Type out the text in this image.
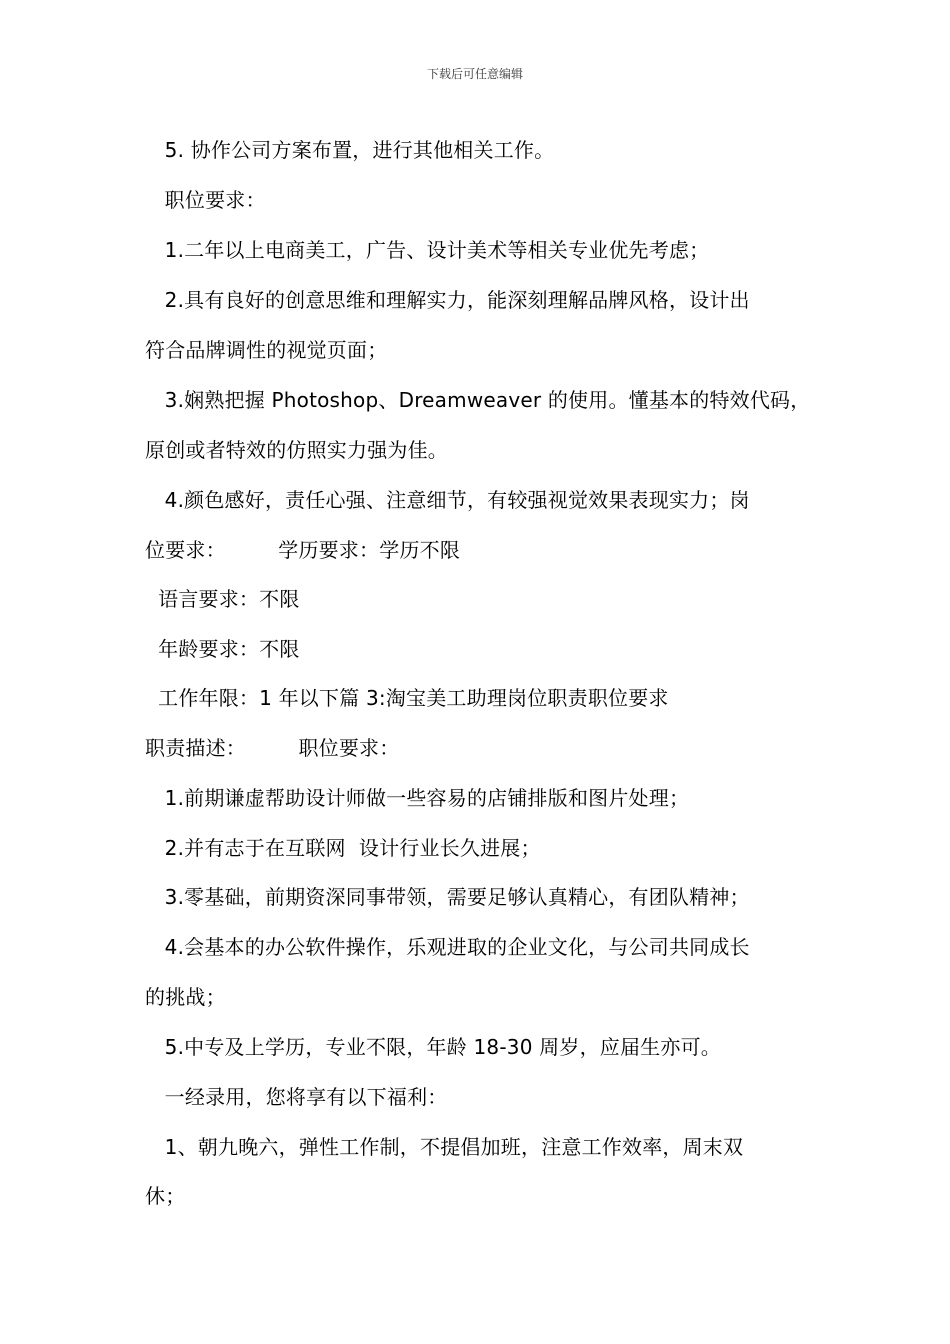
下载后可任意编辑
5. 协作公司方案布置，进行其他相关工作。
职位要求：
1.二年以上电商美工，广告、设计美术等相关专业优先考虑；
2.具有良好的创意思维和理解实力，能深刻理解品牌风格，设计出
符合品牌调性的视觉页面；
3.娴熟把握 Photoshop、Dreamweaver 的使用。懂基本的特效代码，
原创或者特效的仿照实力强为佳。
4.颜色感好，责任心强、注意细节，有较强视觉效果表现实力；岗
位要求：        学历要求：学历不限
语言要求：不限
年龄要求：不限
工作年限：1 年以下篇 3:淘宝美工助理岗位职责职位要求
职责描述：        职位要求：
1.前期谦虚帮助设计师做一些容易的店铺排版和图片处理；
2.并有志于在互联网  设计行业长久进展；
3.零基础，前期资深同事带领，需要足够认真精心，有团队精神；
4.会基本的办公软件操作，乐观进取的企业文化，与公司共同成长
的挑战；
5.中专及上学历，专业不限，年龄 18-30 周岁，应届生亦可。
一经录用，您将享有以下福利：
1、朝九晚六，弹性工作制，不提倡加班，注意工作效率，周末双
休；
